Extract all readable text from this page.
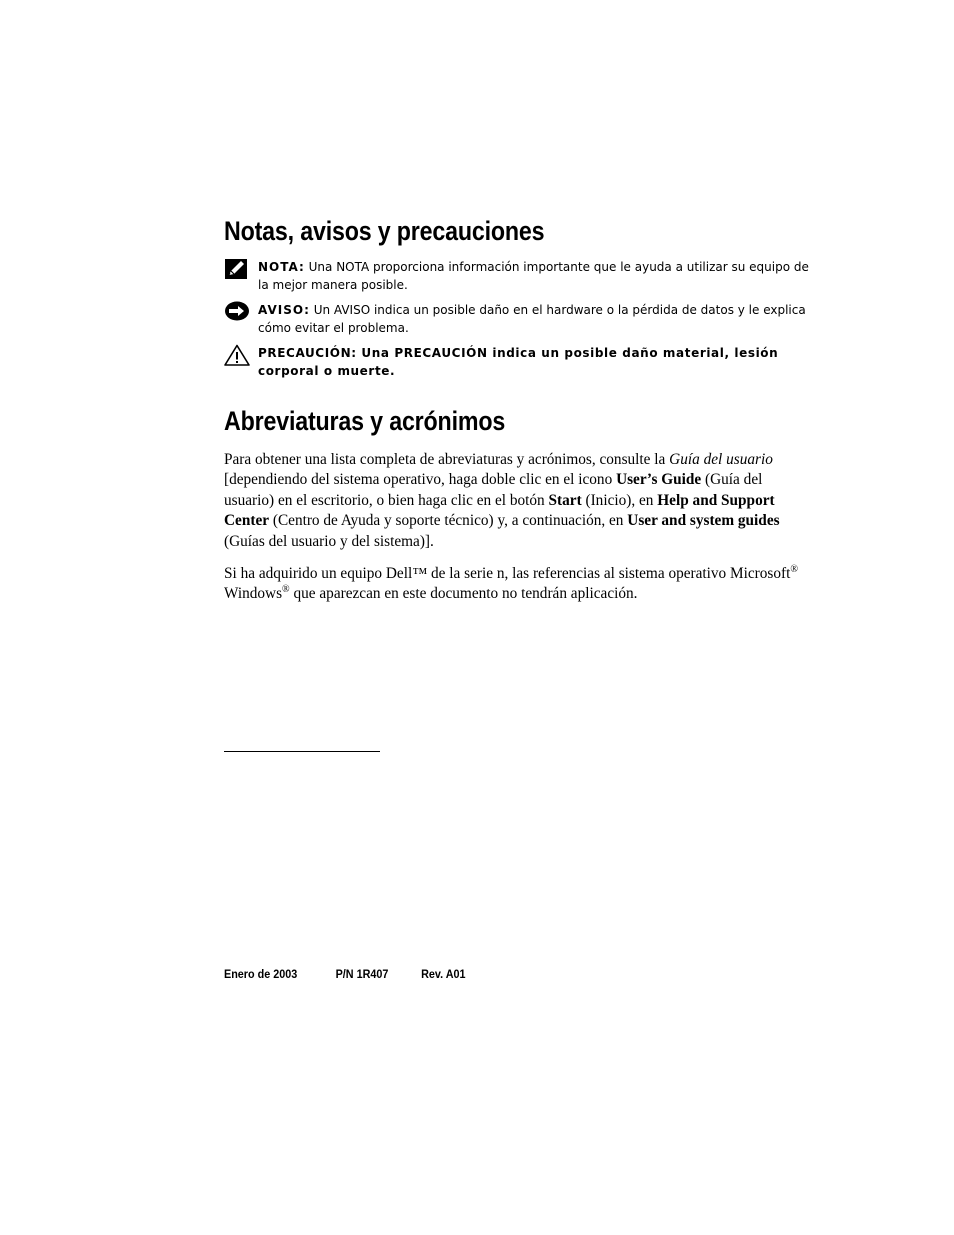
Notas, avisos y precauciones
NOTA: Una NOTA proporciona información importante que le ayuda a utilizar su equipo de la mejor manera posible.
AVISO: Un AVISO indica un posible daño en el hardware o la pérdida de datos y le explica cómo evitar el problema.
PRECAUCIÓN: Una PRECAUCIÓN indica un posible daño material, lesión corporal o muerte.
Abreviaturas y acrónimos

Para obtener una lista completa de abreviaturas y acrónimos, consulte la Guía del usuario [dependiendo del sistema operativo, haga doble clic en el icono User’s Guide (Guía del usuario) en el escritorio, o bien haga clic en el botón Start (Inicio), en Help and Support Center (Centro de Ayuda y soporte técnico) y, a continuación, en User and system guides (Guías del usuario y del sistema)].

Si ha adquirido un equipo Dell™ de la serie n, las referencias al sistema operativo Microsoft® Windows® que aparezcan en este documento no tendrán aplicación.

Enero de 2003	P/N 1R407	Rev. A01
